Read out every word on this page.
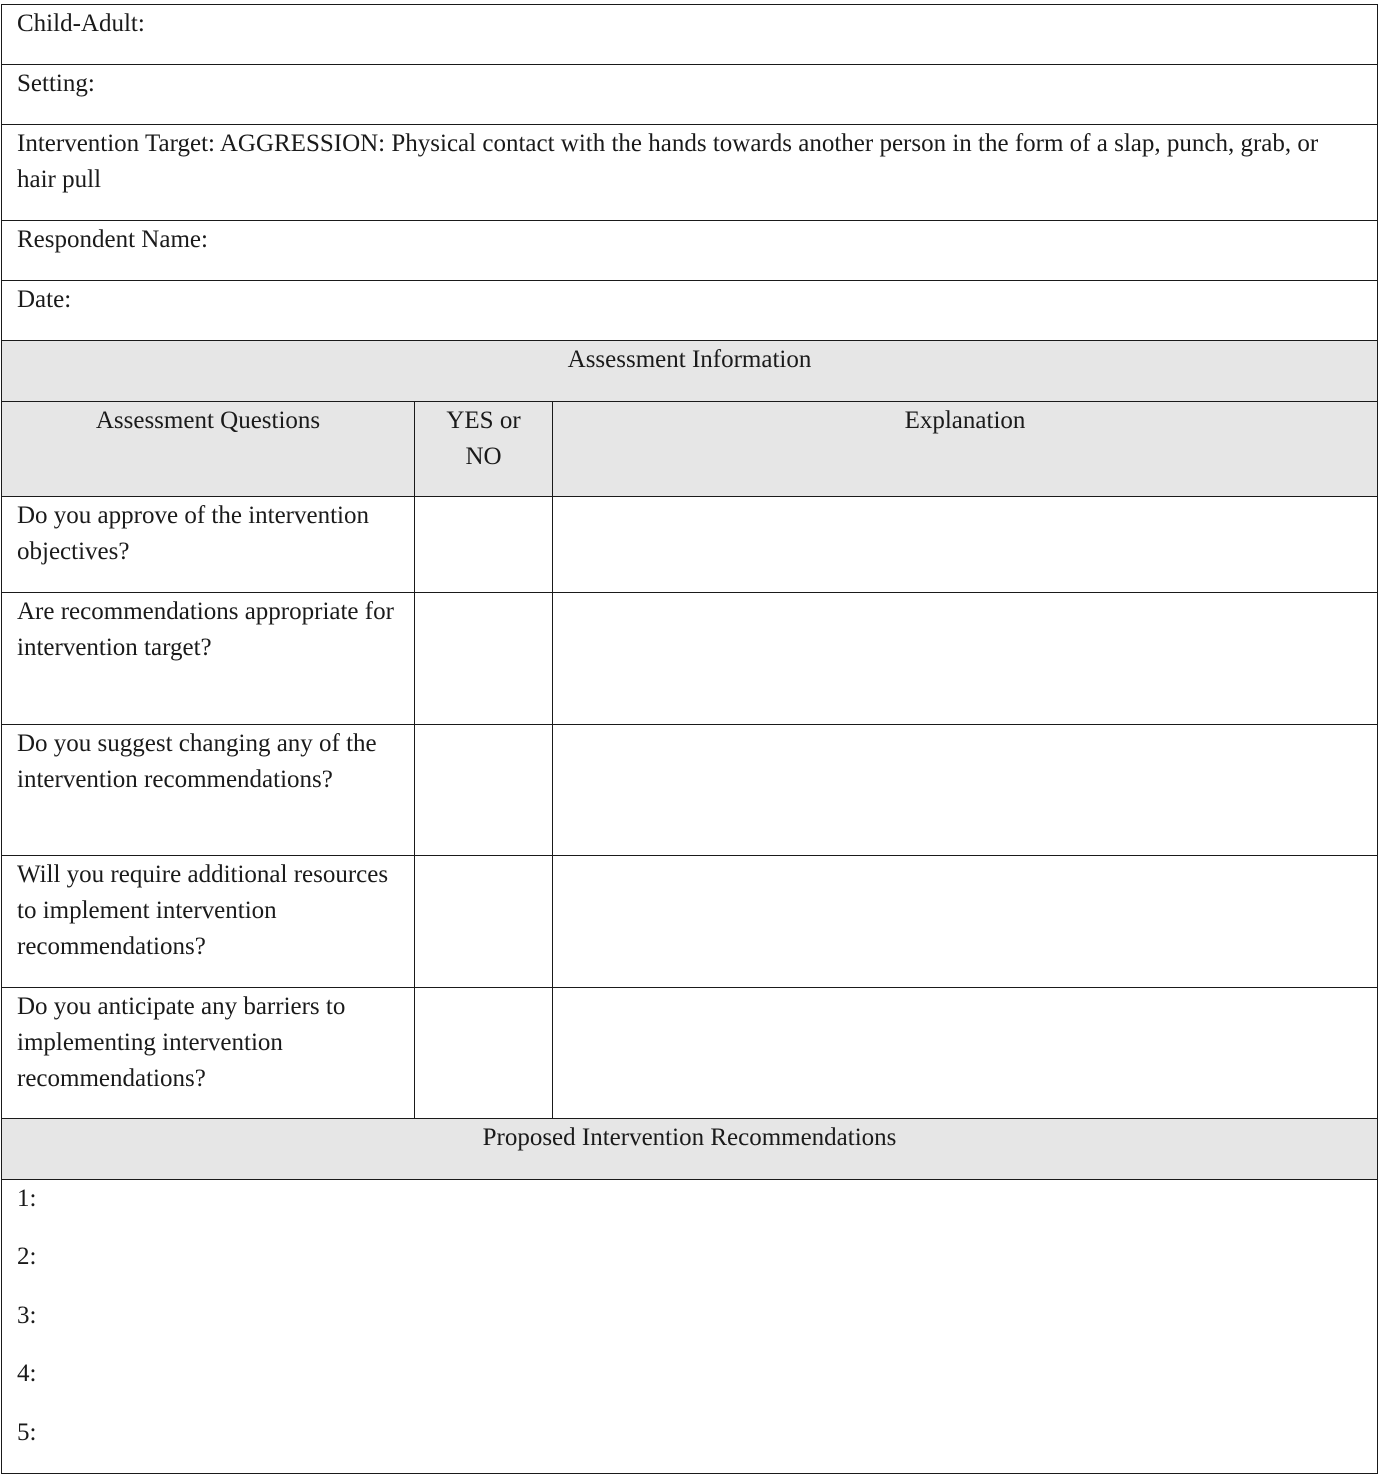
Child-Adult:
Setting:
Intervention Target: AGGRESSION: Physical contact with the hands towards another person in the form of a slap, punch, grab, or hair pull
Respondent Name:
Date:
Assessment Information
Assessment Questions	YES or NO
Explanation
Do you approve of the intervention objectives?
Are recommendations appropriate for intervention target?
Do you suggest changing any of the intervention recommendations?
Will you require additional resources to implement intervention recommendations?
Do you anticipate any barriers to implementing intervention recommendations?
Proposed Intervention Recommendations
1:
2:
3:
4:
5:
